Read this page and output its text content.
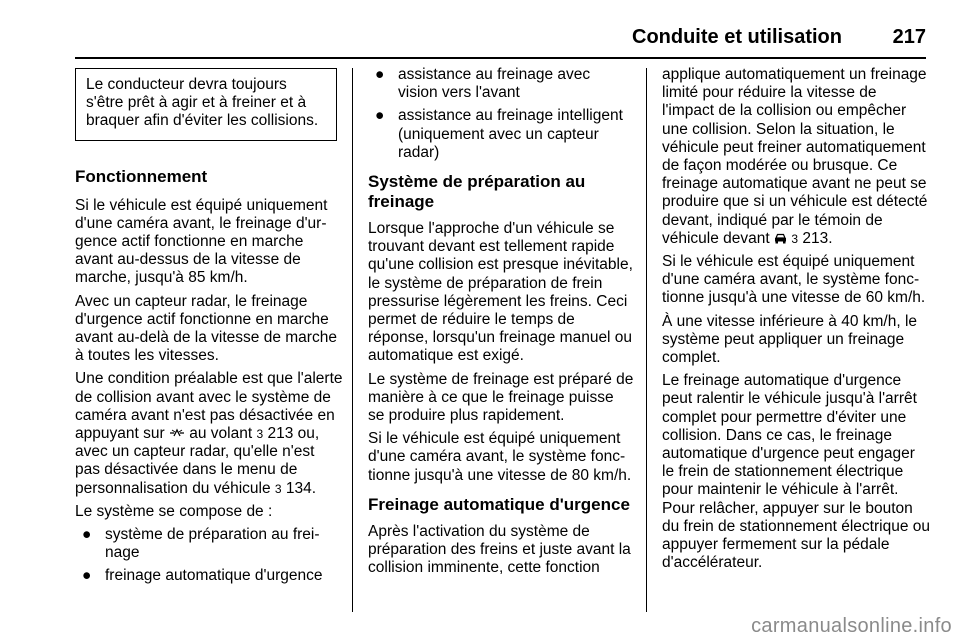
Conduite et utilisation	217
Le conducteur devra toujours s'être prêt à agir et à freiner et à braquer afin d'éviter les collisions.
Fonctionnement

Si le véhicule est équipé uniquement d'une caméra avant, le freinage d'urgence actif fonctionne en marche avant au-dessus de la vitesse de marche, jusqu'à 85 km/h.

Avec un capteur radar, le freinage d'urgence actif fonctionne en marche avant au-delà de la vitesse de marche à toutes les vitesses.

Une condition préalable est que l'alerte de collision avant avec le système de caméra avant n'est pas désactivée en appuyant sur au volant 3 213 ou, avec un capteur radar, qu'elle n'est pas désactivée dans le menu de personnalisation du véhicule 3 134.

Le système se compose de :

● système de préparation au freinage
● freinage automatique d'urgence
● assistance au freinage avec vision vers l'avant
● assistance au freinage intelligent (uniquement avec un capteur radar)
Système de préparation au freinage

Lorsque l'approche d'un véhicule se trouvant devant est tellement rapide qu'une collision est presque inévitable, le système de préparation de frein pressurise légèrement les freins. Ceci permet de réduire le temps de réponse, lorsqu'un freinage manuel ou automatique est exigé.

Le système de freinage est préparé de manière à ce que le freinage puisse se produire plus rapidement.

Si le véhicule est équipé uniquement d'une caméra avant, le système fonctionne jusqu'à une vitesse de 80 km/h.

Freinage automatique d'urgence

Après l'activation du système de préparation des freins et juste avant la collision imminente, cette fonction

applique automatiquement un freinage limité pour réduire la vitesse de l'impact de la collision ou empêcher une collision. Selon la situation, le véhicule peut freiner automatiquement de façon modérée ou brusque. Ce freinage automatique avant ne peut se produire que si un véhicule est détecté devant, indiqué par le témoin de véhicule devant 3 213.

Si le véhicule est équipé uniquement d'une caméra avant, le système fonctionne jusqu'à une vitesse de 60 km/h.

À une vitesse inférieure à 40 km/h, le système peut appliquer un freinage complet.

Le freinage automatique d'urgence peut ralentir le véhicule jusqu'à l'arrêt complet pour permettre d'éviter une collision. Dans ce cas, le freinage automatique d'urgence peut engager le frein de stationnement électrique pour maintenir le véhicule à l'arrêt. Pour relâcher, appuyer sur le bouton du frein de stationnement électrique ou appuyer fermement sur la pédale d'accélérateur.

carmanualsonline.info
